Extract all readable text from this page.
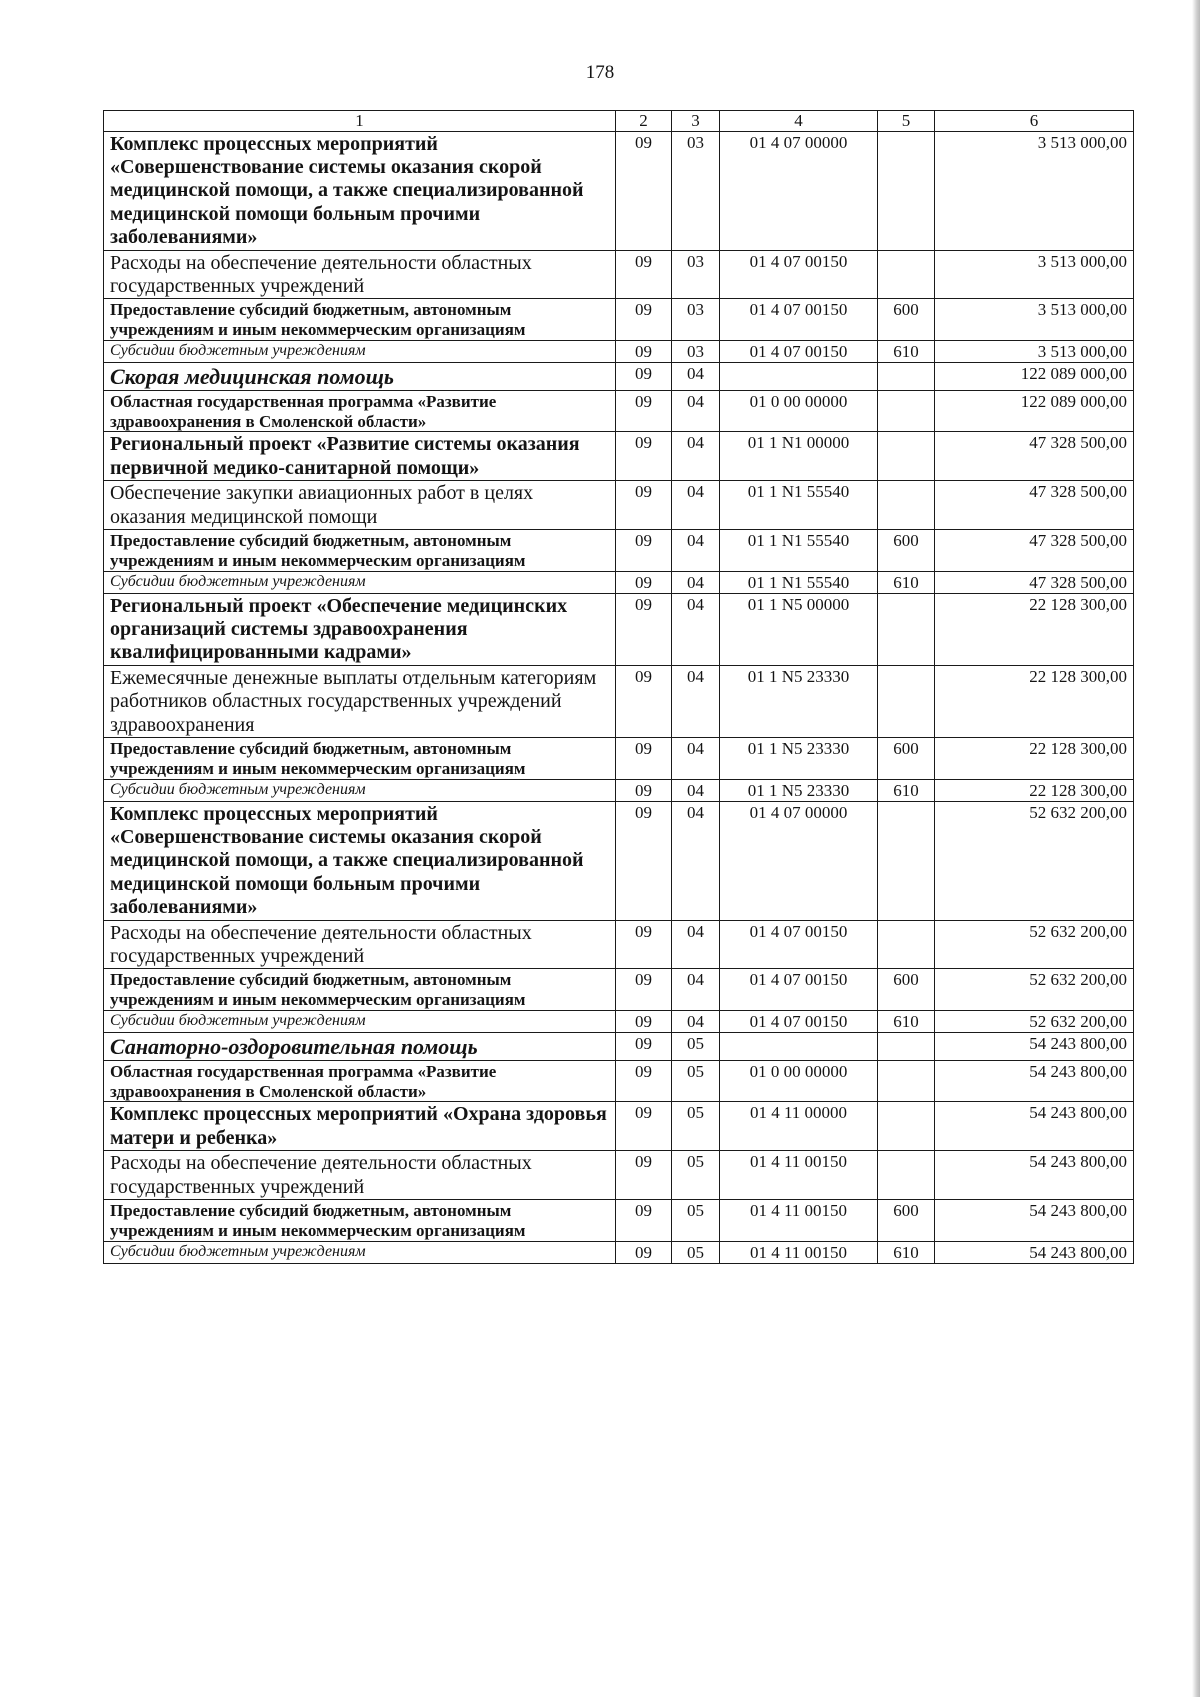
178
1	2	3	4	5	6
Комплекс процессных мероприятий «Совершенствование системы оказания скорой медицинской помощи, а также специализированной медицинской помощи больным прочими заболеваниями»	09	03	01 4 07 00000		3 513 000,00
Расходы на обеспечение деятельности областных государственных учреждений	09	03	01 4 07 00150		3 513 000,00
Предоставление субсидий бюджетным, автономным учреждениям и иным некоммерческим организациям	09	03	01 4 07 00150	600	3 513 000,00
Субсидии бюджетным учреждениям	09	03	01 4 07 00150	610	3 513 000,00
Скорая медицинская помощь	09	04			122 089 000,00
Областная государственная программа «Развитие здравоохранения в Смоленской области»	09	04	01 0 00 00000		122 089 000,00
Региональный проект «Развитие системы оказания первичной медико-санитарной помощи»	09	04	01 1 N1 00000		47 328 500,00
Обеспечение закупки авиационных работ в целях оказания медицинской помощи	09	04	01 1 N1 55540		47 328 500,00
Предоставление субсидий бюджетным, автономным учреждениям и иным некоммерческим организациям	09	04	01 1 N1 55540	600	47 328 500,00
Субсидии бюджетным учреждениям	09	04	01 1 N1 55540	610	47 328 500,00
Региональный проект «Обеспечение медицинских организаций системы здравоохранения квалифицированными кадрами»	09	04	01 1 N5 00000		22 128 300,00
Ежемесячные денежные выплаты отдельным категориям работников областных государственных учреждений здравоохранения	09	04	01 1 N5 23330		22 128 300,00
Предоставление субсидий бюджетным, автономным учреждениям и иным некоммерческим организациям	09	04	01 1 N5 23330	600	22 128 300,00
Субсидии бюджетным учреждениям	09	04	01 1 N5 23330	610	22 128 300,00
Комплекс процессных мероприятий «Совершенствование системы оказания скорой медицинской помощи, а также специализированной медицинской помощи больным прочими заболеваниями»	09	04	01 4 07 00000		52 632 200,00
Расходы на обеспечение деятельности областных государственных учреждений	09	04	01 4 07 00150		52 632 200,00
Предоставление субсидий бюджетным, автономным учреждениям и иным некоммерческим организациям	09	04	01 4 07 00150	600	52 632 200,00
Субсидии бюджетным учреждениям	09	04	01 4 07 00150	610	52 632 200,00
Санаторно-оздоровительная помощь	09	05			54 243 800,00
Областная государственная программа «Развитие здравоохранения в Смоленской области»	09	05	01 0 00 00000		54 243 800,00
Комплекс процессных мероприятий «Охрана здоровья матери и ребенка»	09	05	01 4 11 00000		54 243 800,00
Расходы на обеспечение деятельности областных государственных учреждений	09	05	01 4 11 00150		54 243 800,00
Предоставление субсидий бюджетным, автономным учреждениям и иным некоммерческим организациям	09	05	01 4 11 00150	600	54 243 800,00
Субсидии бюджетным учреждениям	09	05	01 4 11 00150	610	54 243 800,00
